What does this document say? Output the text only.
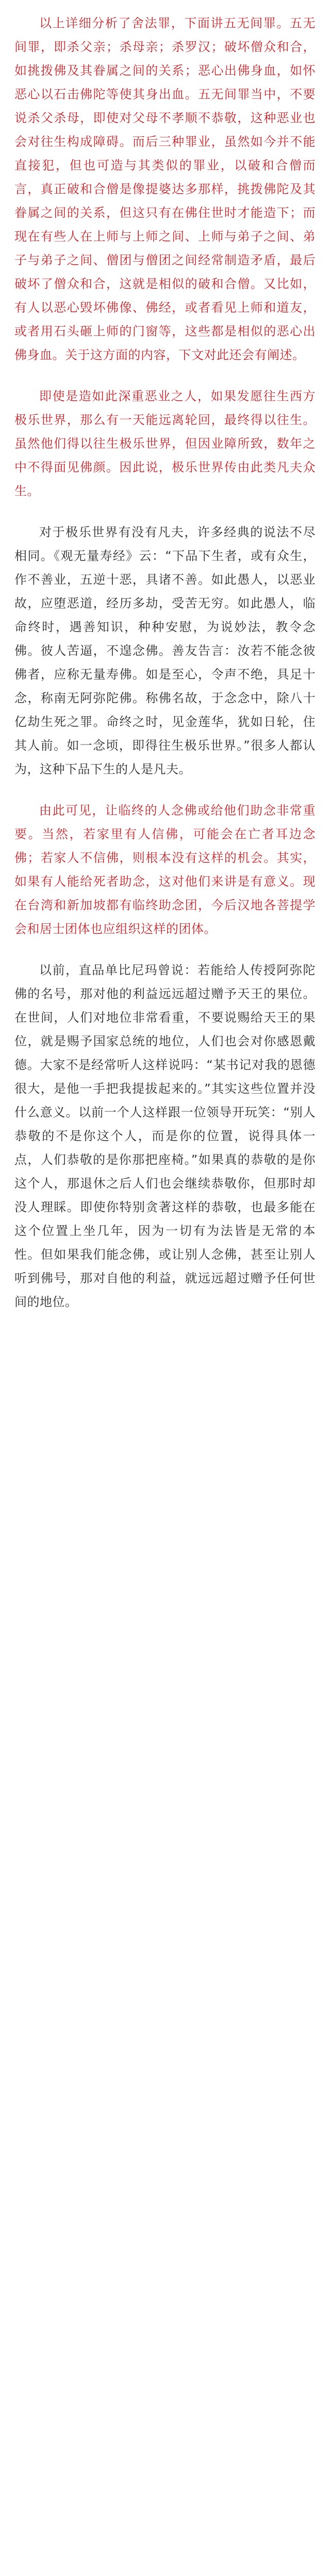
以上详细分析了舍法罪，下面讲五无间罪。五无间罪，即杀父亲；杀母亲；杀罗汉；破坏僧众和合，如挑拨佛及其眷属之间的关系；恶心出佛身血，如怀恶心以石击佛陀等使其身出血。五无间罪当中，不要说杀父杀母，即使对父母不孝顺不恭敬，这种恶业也会对往生构成障碍。而后三种罪业，虽然如今并不能直接犯，但也可造与其类似的罪业，以破和合僧而言，真正破和合僧是像提婆达多那样，挑拨佛陀及其眷属之间的关系，但这只有在佛住世时才能造下；而现在有些人在上师与上师之间、上师与弟子之间、弟子与弟子之间、僧团与僧团之间经常制造矛盾，最后破坏了僧众和合，这就是相似的破和合僧。又比如，有人以恶心毁坏佛像、佛经，或者看见上师和道友，或者用石头砸上师的门窗等，这些都是相似的恶心出佛身血。关于这方面的内容，下文对此还会有阐述。

即使是造如此深重恶业之人，如果发愿往生西方极乐世界，那么有一天能远离轮回，最终得以往生。虽然他们得以往生极乐世界，但因业障所致，数年之中不得面见佛颜。因此说，极乐世界传由此类凡夫众生。

对于极乐世界有没有凡夫，许多经典的说法不尽相同。《观无量寿经》云：“下品下生者，或有众生，作不善业，五逆十恶，具诸不善。如此愚人，以恶业故，应堕恶道，经历多劫，受苦无穷。如此愚人，临命终时，遇善知识，种种安慰，为说妙法，教令念佛。彼人苦逼，不遑念佛。善友告言：汝若不能念彼佛者，应称无量寿佛。如是至心，令声不绝，具足十念，称南无阿弥陀佛。称佛名故，于念念中，除八十亿劫生死之罪。命终之时，见金莲华，犹如日轮，住其人前。如一念顷，即得往生极乐世界。”很多人都认为，这种下品下生的人是凡夫。

由此可见，让临终的人念佛或给他们助念非常重要。当然，若家里有人信佛，可能会在亡者耳边念佛；若家人不信佛，则根本没有这样的机会。其实，如果有人能给死者助念，这对他们来讲是有意义。现在台湾和新加坡都有临终助念团，今后汉地各菩提学会和居士团体也应组织这样的团体。

以前，直品单比尼玛曾说：若能给人传授阿弥陀佛的名号，那对他的利益远远超过赠予天王的果位。在世间，人们对地位非常看重，不要说赐给天王的果位，就是赐予国家总统的地位，人们也会对你感恩戴德。大家不是经常听人这样说吗：“某书记对我的恩德很大，是他一手把我提拔起来的。”其实这些位置并没什么意义。以前一个人这样跟一位领导开玩笑：“别人恭敬的不是你这个人，而是你的位置，说得具体一点，人们恭敬的是你那把座椅。”如果真的恭敬的是你这个人，那退休之后人们也会继续恭敬你，但那时却没人理睬。即使你特别贪著这样的恭敬，也最多能在这个位置上坐几年，因为一切有为法皆是无常的本性。但如果我们能念佛，或让别人念佛，甚至让别人听到佛号，那对自他的利益，就远远超过赠予任何世间的地位。
